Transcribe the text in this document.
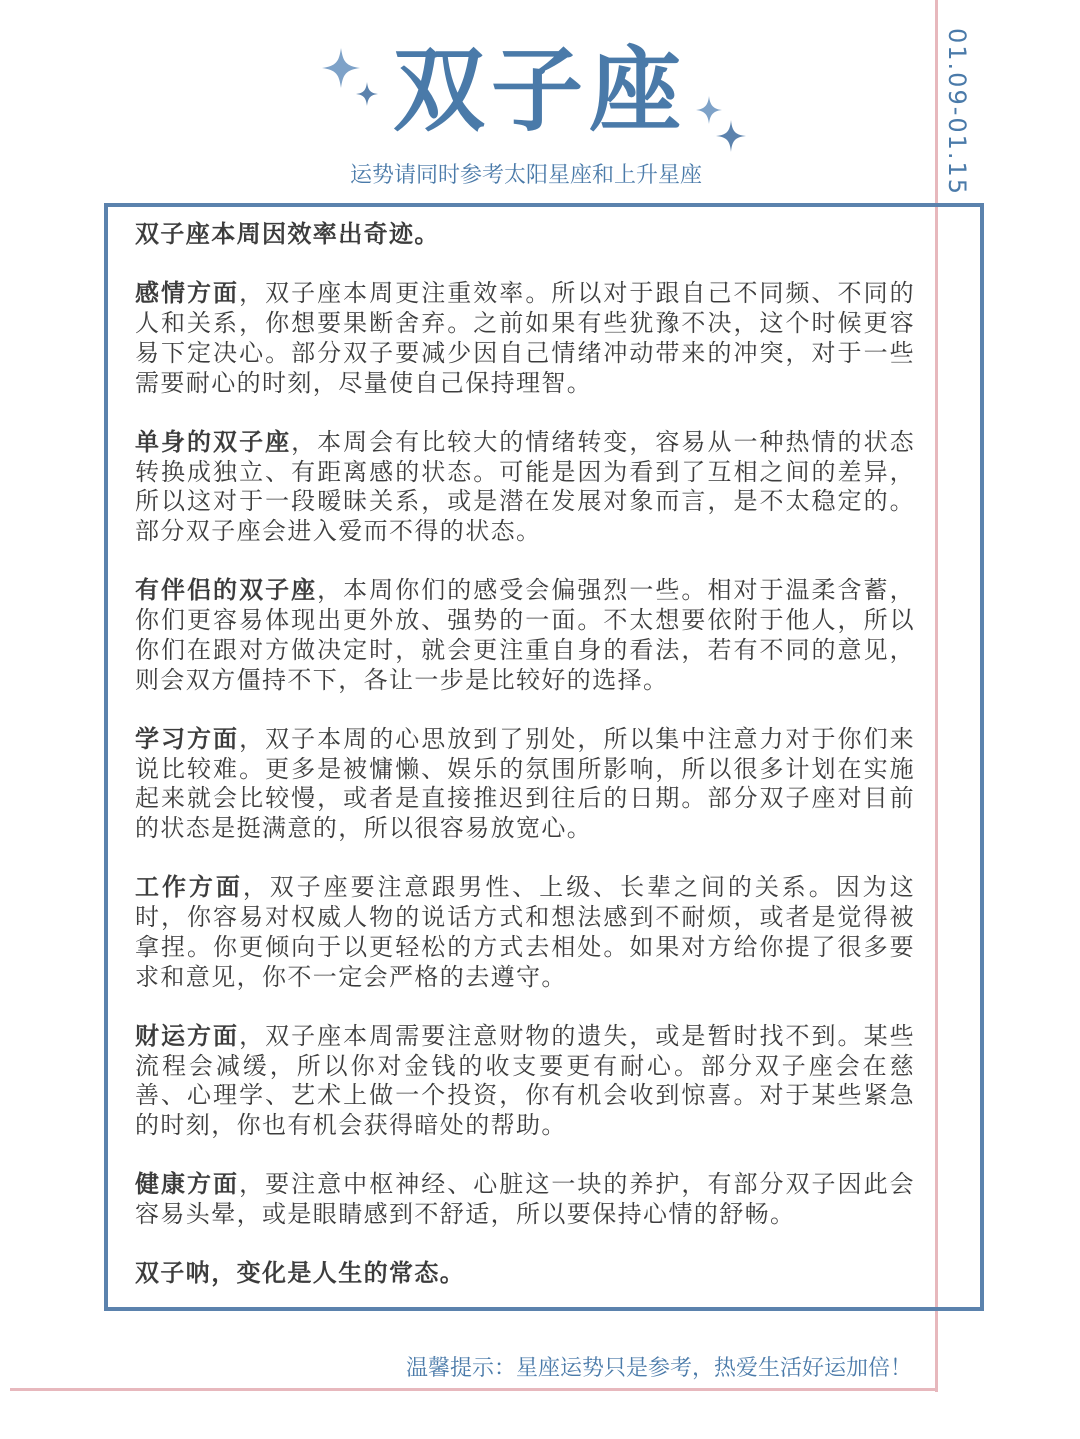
双子座
运势请同时参考太阳星座和上升星座	01.09-01.15

双子座本周因效率出奇迹。

感情方面，双子座本周更注重效率。所以对于跟自己不同频、不同的人和关系，你想要果断舍弃。之前如果有些犹豫不决，这个时候更容易下定决心。部分双子要减少因自己情绪冲动带来的冲突，对于一些需要耐心的时刻，尽量使自己保持理智。

单身的双子座，本周会有比较大的情绪转变，容易从一种热情的状态转换成独立、有距离感的状态。可能是因为看到了互相之间的差异，所以这对于一段暧昧关系，或是潜在发展对象而言，是不太稳定的。部分双子座会进入爱而不得的状态。

有伴侣的双子座，本周你们的感受会偏强烈一些。相对于温柔含蓄，你们更容易体现出更外放、强势的一面。不太想要依附于他人，所以你们在跟对方做决定时，就会更注重自身的看法，若有不同的意见，则会双方僵持不下，各让一步是比较好的选择。

学习方面，双子本周的心思放到了别处，所以集中注意力对于你们来说比较难。更多是被慵懒、娱乐的氛围所影响，所以很多计划在实施起来就会比较慢，或者是直接推迟到往后的日期。部分双子座对目前的状态是挺满意的，所以很容易放宽心。

工作方面，双子座要注意跟男性、上级、长辈之间的关系。因为这时，你容易对权威人物的说话方式和想法感到不耐烦，或者是觉得被拿捏。你更倾向于以更轻松的方式去相处。如果对方给你提了很多要求和意见，你不一定会严格的去遵守。

财运方面，双子座本周需要注意财物的遗失，或是暂时找不到。某些流程会减缓，所以你对金钱的收支要更有耐心。部分双子座会在慈善、心理学、艺术上做一个投资，你有机会收到惊喜。对于某些紧急的时刻，你也有机会获得暗处的帮助。

健康方面，要注意中枢神经、心脏这一块的养护，有部分双子因此会容易头晕，或是眼睛感到不舒适，所以要保持心情的舒畅。

双子呐，变化是人生的常态。

温馨提示：星座运势只是参考，热爱生活好运加倍！
